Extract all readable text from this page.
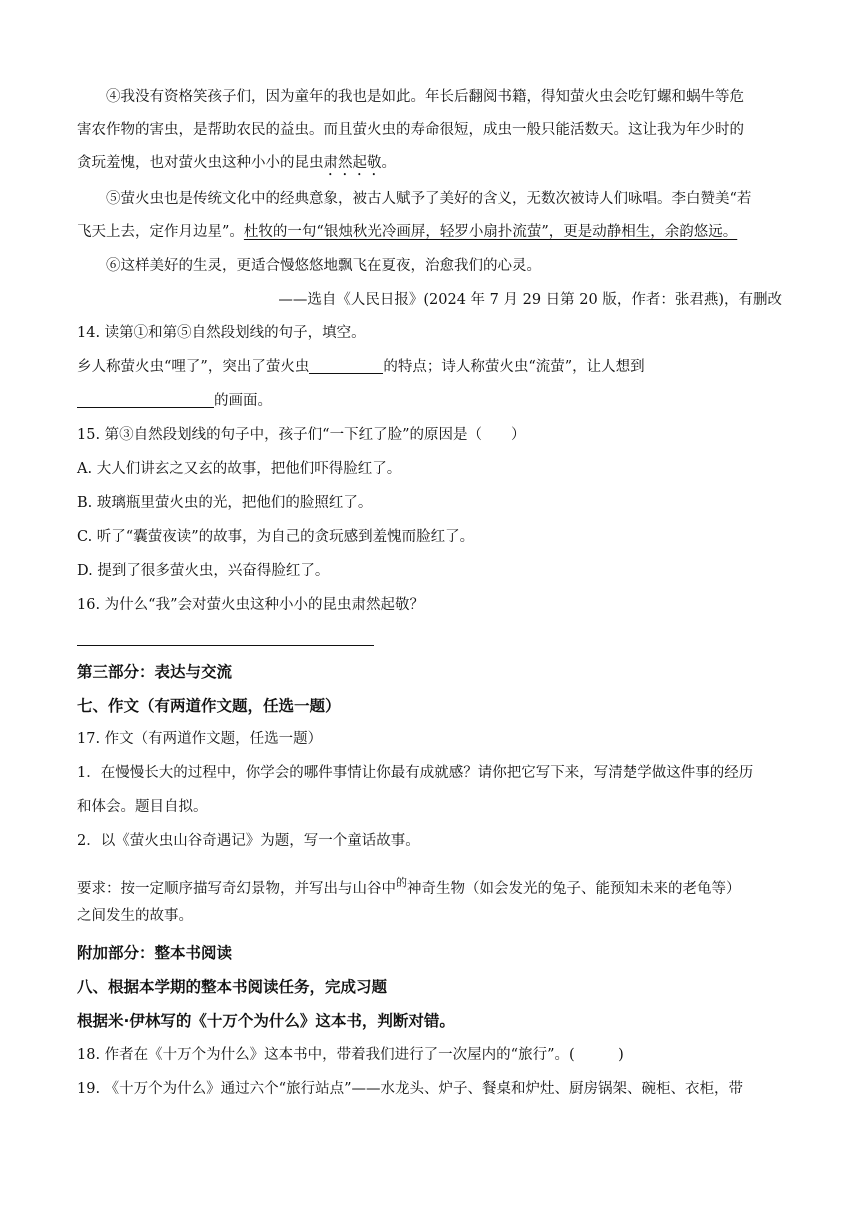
④我没有资格笑孩子们，因为童年的我也是如此。年长后翻阅书籍，得知萤火虫会吃钉螺和蜗牛等危

害农作物的害虫，是帮助农民的益虫。而且萤火虫的寿命很短，成虫一般只能活数天。这让我为年少时的

贪玩羞愧，也对萤火虫这种小小的昆虫肃然起敬。

⑤萤火虫也是传统文化中的经典意象，被古人赋予了美好的含义，无数次被诗人们咏唱。李白赞美“若

飞天上去，定作月边星”。杜牧的一句“银烛秋光冷画屏，轻罗小扇扑流萤”，更是动静相生，余韵悠远。

⑥这样美好的生灵，更适合慢悠悠地飘飞在夏夜，治愈我们的心灵。

——选自《人民日报》(2024 年 7 月 29 日第 20 版，作者：张君燕)，有删改

14. 读第①和第⑤自然段划线的句子，填空。

乡人称萤火虫“哩了”，突出了萤火虫	的特点；诗人称萤火虫“流萤”，让人想到

的画面。

15. 第③自然段划线的句子中，孩子们“一下红了脸”的原因是（　　）

A. 大人们讲玄之又玄的故事，把他们吓得脸红了。

B. 玻璃瓶里萤火虫的光，把他们的脸照红了。

C. 听了“囊萤夜读”的故事，为自己的贪玩感到羞愧而脸红了。

D. 提到了很多萤火虫，兴奋得脸红了。

16. 为什么“我”会对萤火虫这种小小的昆虫肃然起敬？

第三部分：表达与交流

七、作文（有两道作文题，任选一题）

17. 作文（有两道作文题，任选一题）

1．在慢慢长大的过程中，你学会的哪件事情让你最有成就感？请你把它写下来，写清楚学做这件事的经历

和体会。题目自拟。

2．以《萤火虫山谷奇遇记》为题，写一个童话故事。

要求：按一定顺序描写奇幻景物，并写出与山谷中$^的$神奇生物（如会发光的兔子、能预知未来的老龟等）

之间发生的故事。

附加部分：整本书阅读

八、根据本学期的整本书阅读任务，完成习题

根据米·伊林写的《十万个为什么》这本书，判断对错。

18. 作者在《十万个为什么》这本书中，带着我们进行了一次屋内的“旅行”。(　　　)

19. 《十万个为什么》通过六个“旅行站点”——水龙头、炉子、餐桌和炉灶、厨房锅架、碗柜、衣柜，带
